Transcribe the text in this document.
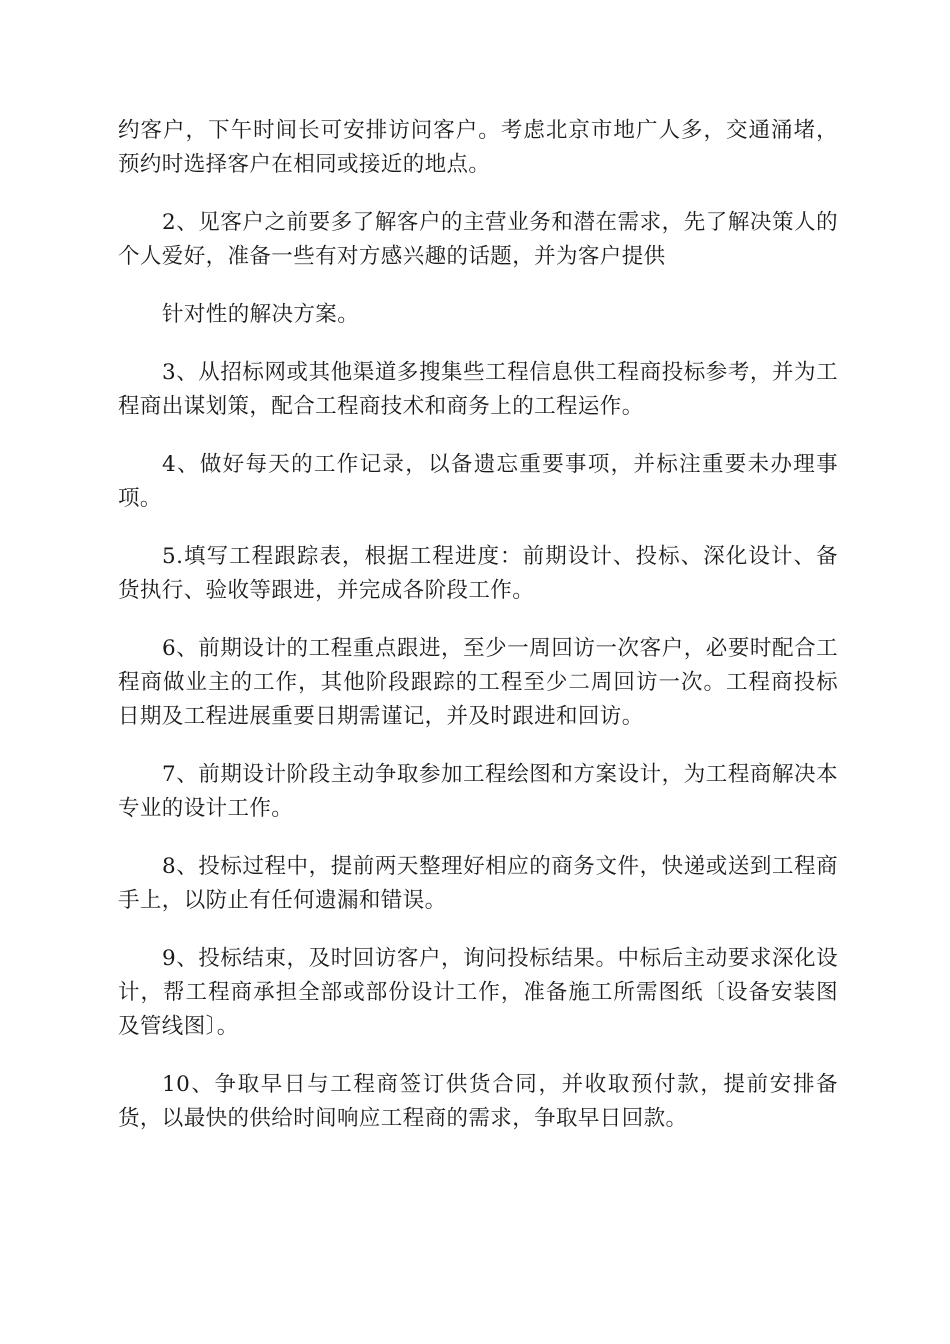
约客户，下午时间长可安排访问客户。考虑北京市地广人多，交通涌堵，预约时选择客户在相同或接近的地点。

2、见客户之前要多了解客户的主营业务和潜在需求，先了解决策人的个人爱好，准备一些有对方感兴趣的话题，并为客户提供

针对性的解决方案。

3、从招标网或其他渠道多搜集些工程信息供工程商投标参考，并为工程商出谋划策，配合工程商技术和商务上的工程运作。

4、做好每天的工作记录，以备遗忘重要事项，并标注重要未办理事项。

5.填写工程跟踪表，根据工程进度：前期设计、投标、深化设计、备货执行、验收等跟进，并完成各阶段工作。

6、前期设计的工程重点跟进，至少一周回访一次客户，必要时配合工程商做业主的工作，其他阶段跟踪的工程至少二周回访一次。工程商投标日期及工程进展重要日期需谨记，并及时跟进和回访。

7、前期设计阶段主动争取参加工程绘图和方案设计，为工程商解决本专业的设计工作。

8、投标过程中，提前两天整理好相应的商务文件，快递或送到工程商手上，以防止有任何遗漏和错误。

9、投标结束，及时回访客户，询问投标结果。中标后主动要求深化设计，帮工程商承担全部或部份设计工作，准备施工所需图纸〔设备安装图及管线图〕。

10、争取早日与工程商签订供货合同，并收取预付款，提前安排备货，以最快的供给时间响应工程商的需求，争取早日回款。
